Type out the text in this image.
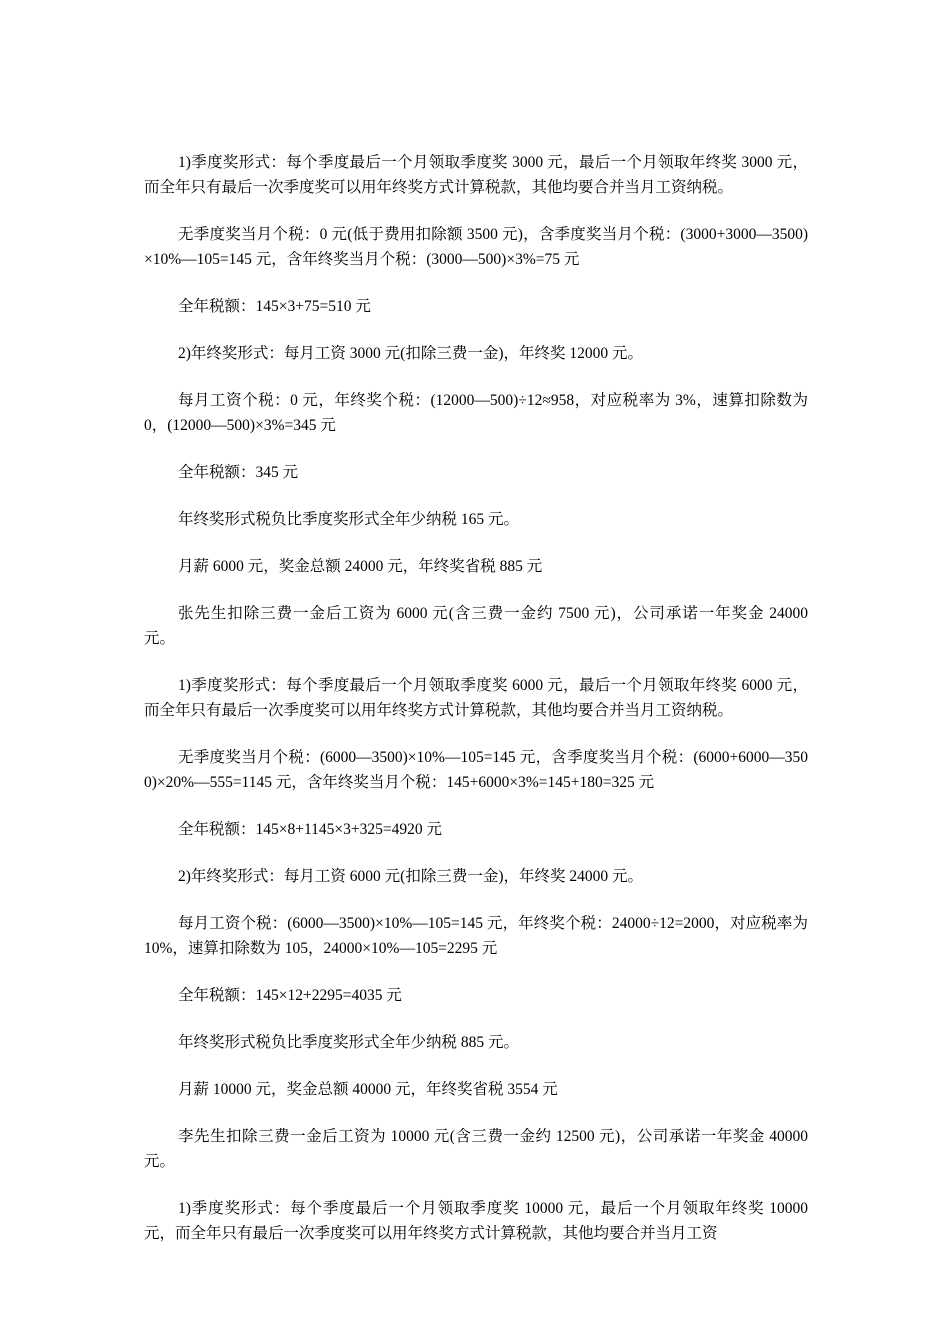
1)季度奖形式：每个季度最后一个月领取季度奖 3000 元，最后一个月领取年终奖 3000 元，而全年只有最后一次季度奖可以用年终奖方式计算税款，其他均要合并当月工资纳税。

无季度奖当月个税：0 元(低于费用扣除额 3500 元)，含季度奖当月个税：(3000+3000—3500)×10%—105=145 元，含年终奖当月个税：(3000—500)×3%=75 元

全年税额：145×3+75=510 元

2)年终奖形式：每月工资 3000 元(扣除三费一金)，年终奖 12000 元。

每月工资个税：0 元，年终奖个税：(12000—500)÷12≈958，对应税率为 3%，速算扣除数为 0，(12000—500)×3%=345 元

全年税额：345 元

年终奖形式税负比季度奖形式全年少纳税 165 元。

月薪 6000 元，奖金总额 24000 元，年终奖省税 885 元

张先生扣除三费一金后工资为 6000 元(含三费一金约 7500 元)，公司承诺一年奖金 24000 元。

1)季度奖形式：每个季度最后一个月领取季度奖 6000 元，最后一个月领取年终奖 6000 元，而全年只有最后一次季度奖可以用年终奖方式计算税款，其他均要合并当月工资纳税。

无季度奖当月个税：(6000—3500)×10%—105=145 元，含季度奖当月个税：(6000+6000—3500)×20%—555=1145 元，含年终奖当月个税：145+6000×3%=145+180=325 元

全年税额：145×8+1145×3+325=4920 元

2)年终奖形式：每月工资 6000 元(扣除三费一金)，年终奖 24000 元。

每月工资个税：(6000—3500)×10%—105=145 元，年终奖个税：24000÷12=2000，对应税率为 10%，速算扣除数为 105，24000×10%—105=2295 元

全年税额：145×12+2295=4035 元

年终奖形式税负比季度奖形式全年少纳税 885 元。

月薪 10000 元，奖金总额 40000 元，年终奖省税 3554 元

李先生扣除三费一金后工资为 10000 元(含三费一金约 12500 元)，公司承诺一年奖金 40000 元。

1)季度奖形式：每个季度最后一个月领取季度奖 10000 元，最后一个月领取年终奖 10000 元，而全年只有最后一次季度奖可以用年终奖方式计算税款，其他均要合并当月工资
